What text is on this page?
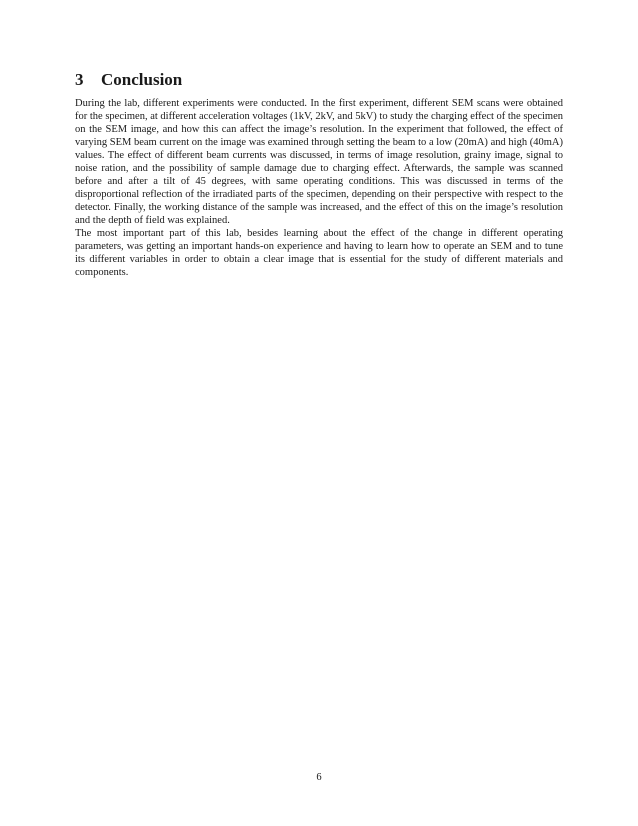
3 Conclusion

During the lab, different experiments were conducted. In the first experiment, different SEM scans were obtained for the specimen, at different acceleration voltages (1kV, 2kV, and 5kV) to study the charging effect of the specimen on the SEM image, and how this can affect the image’s resolution. In the experiment that followed, the effect of varying SEM beam current on the image was examined through setting the beam to a low (20mA) and high (40mA) values. The effect of different beam currents was discussed, in terms of image resolution, grainy image, signal to noise ration, and the possibility of sample damage due to charging effect. Afterwards, the sample was scanned before and after a tilt of 45 degrees, with same operating conditions. This was discussed in terms of the disproportional reflection of the irradiated parts of the specimen, depending on their perspective with respect to the detector. Finally, the working distance of the sample was increased, and the effect of this on the image’s resolution and the depth of field was explained.

The most important part of this lab, besides learning about the effect of the change in different operating parameters, was getting an important hands-on experience and having to learn how to operate an SEM and to tune its different variables in order to obtain a clear image that is essential for the study of different materials and components.

6
